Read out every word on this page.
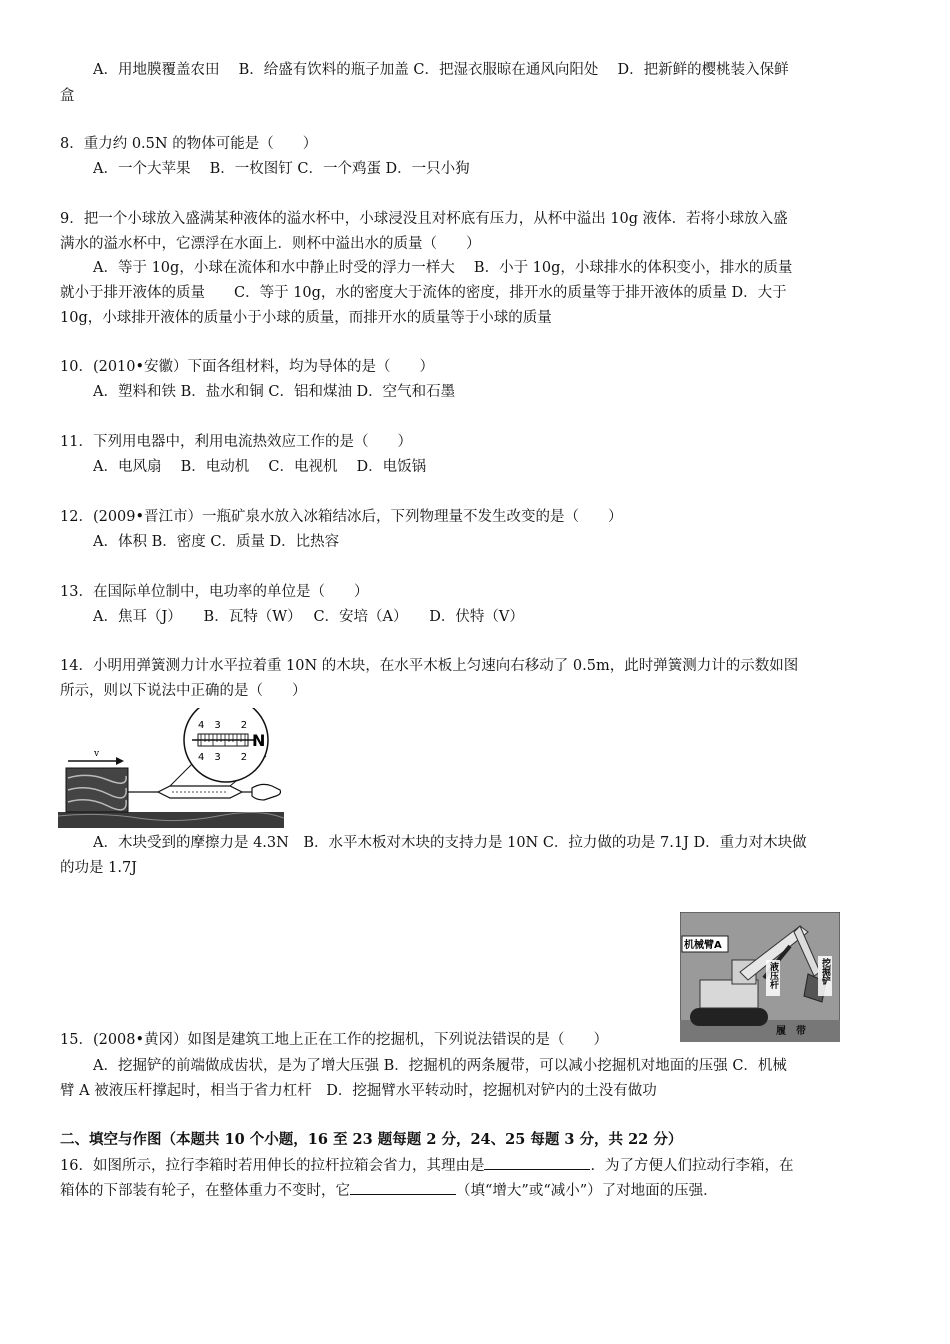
A．用地膜覆盖农田　 B．给盛有饮料的瓶子加盖 C．把湿衣服晾在通风向阳处　 D．把新鲜的樱桃装入保鲜
盒
8．重力约 0.5N 的物体可能是（　　）
A．一个大苹果　 B．一枚图钉 C．一个鸡蛋 D．一只小狗
9．把一个小球放入盛满某种液体的溢水杯中，小球浸没且对杯底有压力，从杯中溢出 10g 液体．若将小球放入盛
满水的溢水杯中，它漂浮在水面上．则杯中溢出水的质量（　　）
A．等于 10g，小球在流体和水中静止时受的浮力一样大　 B．小于 10g，小球排水的体积变小，排水的质量
就小于排开液体的质量　　C．等于 10g，水的密度大于流体的密度，排开水的质量等于排开液体的质量 D．大于
10g，小球排开液体的质量小于小球的质量，而排开水的质量等于小球的质量
10．(2010•安徽）下面各组材料，均为导体的是（　　）
A．塑料和铁 B．盐水和铜 C．铝和煤油 D．空气和石墨
11．下列用电器中，利用电流热效应工作的是（　　）
A．电风扇　 B．电动机　 C．电视机　 D．电饭锅
12．(2009•晋江市）一瓶矿泉水放入冰箱结冰后，下列物理量不发生改变的是（　　）
A．体积 B．密度 C．质量 D．比热容
13．在国际单位制中，电功率的单位是（　　）
A．焦耳（J）　　B．瓦特（W）　 C．安培（A）　　D．伏特（V）
14．小明用弹簧测力计水平拉着重 10N 的木块，在水平木板上匀速向右移动了 0.5m，此时弹簧测力计的示数如图
所示，则以下说法中正确的是（　　）
v
4　3　　2
4　3　　2
N
A．木块受到的摩擦力是 4.3N　B．水平木板对木块的支持力是 10N C．拉力做的功是 7.1J D．重力对木块做
的功是 1.7J
机械臂A
液压杆	挖掘铲
履　带
15．(2008•黄冈）如图是建筑工地上正在工作的挖掘机，下列说法错误的是（　　）
A．挖掘铲的前端做成齿状，是为了增大压强 B．挖掘机的两条履带，可以减小挖掘机对地面的压强 C．机械
臂 A 被液压杆撑起时，相当于省力杠杆　D．挖掘臂水平转动时，挖掘机对铲内的土没有做功
二、填空与作图（本题共 10 个小题，16 至 23 题每题 2 分，24、25 每题 3 分，共 22 分）
16．如图所示，拉行李箱时若用伸长的拉杆拉箱会省力，其理由是	．为了方便人们拉动行李箱，在
箱体的下部装有轮子，在整体重力不变时，它	（填“增大”或“减小”）了对地面的压强．
